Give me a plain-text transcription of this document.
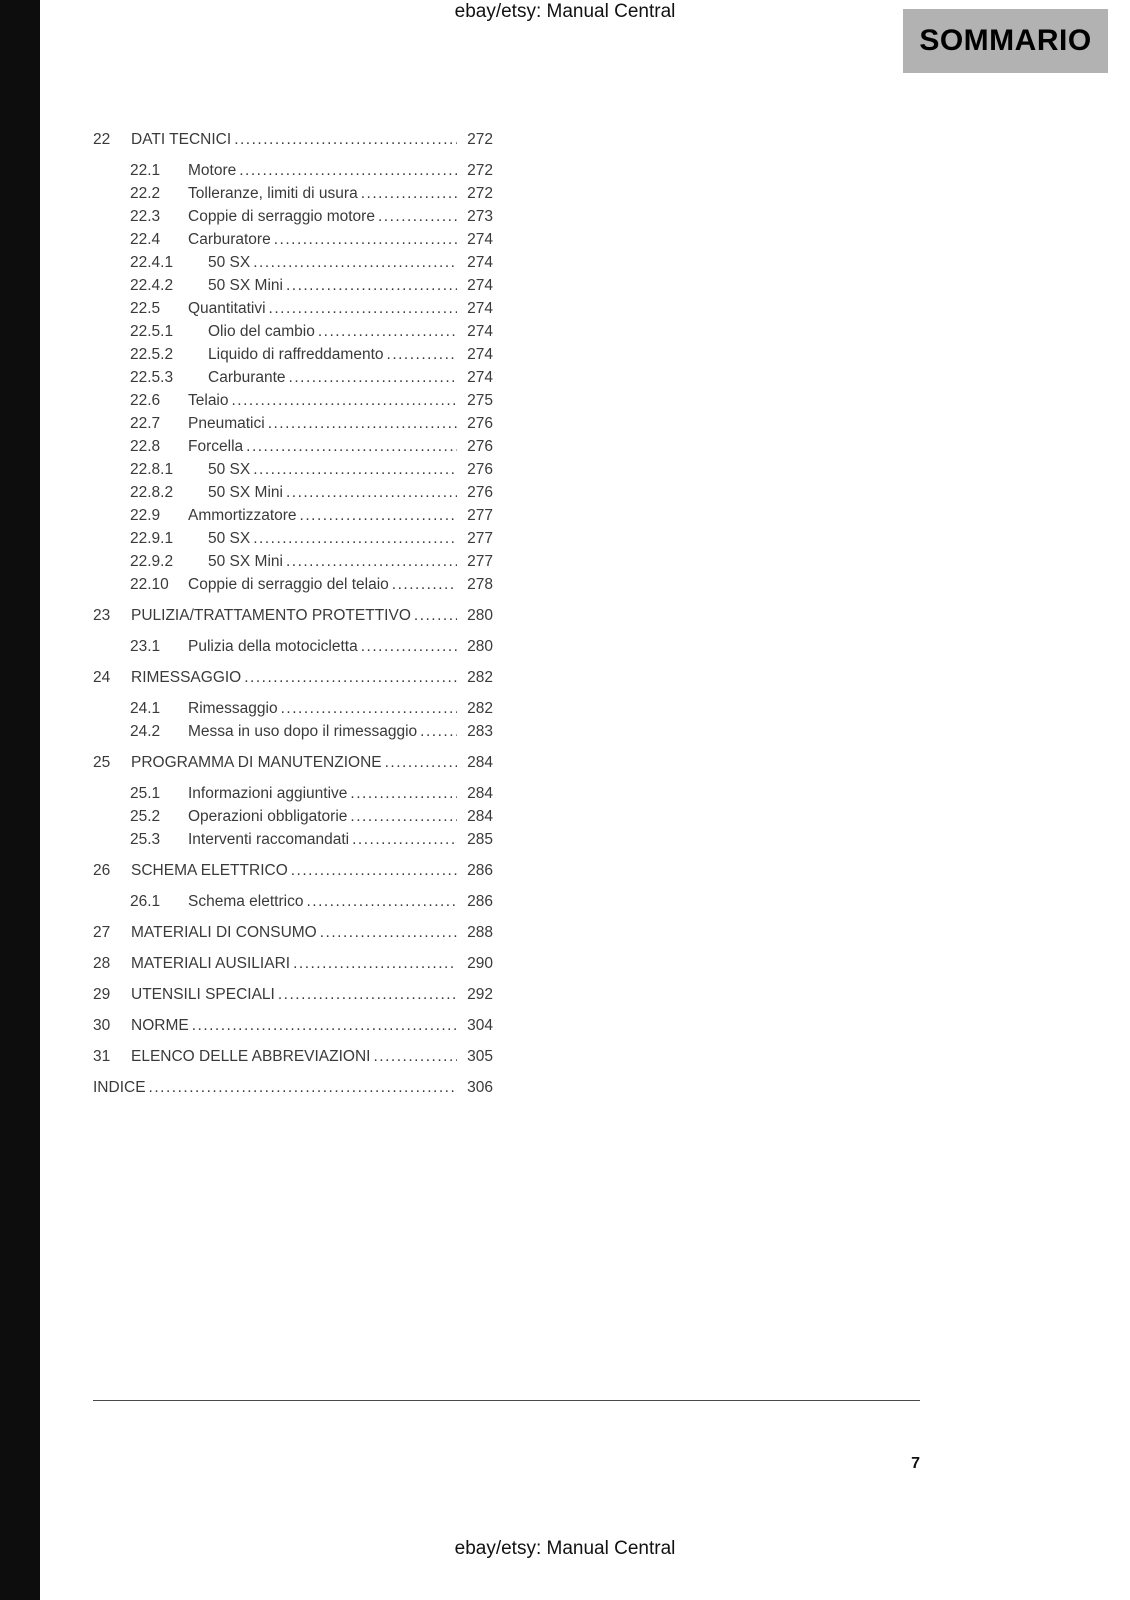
ebay/etsy: Manual Central
SOMMARIO
22	DATI TECNICI .....	272
22.1	Motore .....	272
22.2	Tolleranze, limiti di usura .....	272
22.3	Coppie di serraggio motore .....	273
22.4	Carburatore .....	274
22.4.1	50 SX .....	274
22.4.2	50 SX Mini .....	274
22.5	Quantitativi .....	274
22.5.1	Olio del cambio .....	274
22.5.2	Liquido di raffreddamento .....	274
22.5.3	Carburante .....	274
22.6	Telaio .....	275
22.7	Pneumatici .....	276
22.8	Forcella .....	276
22.8.1	50 SX .....	276
22.8.2	50 SX Mini .....	276
22.9	Ammortizzatore .....	277
22.9.1	50 SX .....	277
22.9.2	50 SX Mini .....	277
22.10	Coppie di serraggio del telaio .....	278
23	PULIZIA/TRATTAMENTO PROTETTIVO .....	280
23.1	Pulizia della motocicletta .....	280
24	RIMESSAGGIO .....	282
24.1	Rimessaggio .....	282
24.2	Messa in uso dopo il rimessaggio .....	283
25	PROGRAMMA DI MANUTENZIONE .....	284
25.1	Informazioni aggiuntive .....	284
25.2	Operazioni obbligatorie .....	284
25.3	Interventi raccomandati .....	285
26	SCHEMA ELETTRICO .....	286
26.1	Schema elettrico .....	286
27	MATERIALI DI CONSUMO .....	288
28	MATERIALI AUSILIARI .....	290
29	UTENSILI SPECIALI .....	292
30	NORME .....	304
31	ELENCO DELLE ABBREVIAZIONI .....	305
INDICE .....	306
7
ebay/etsy: Manual Central
